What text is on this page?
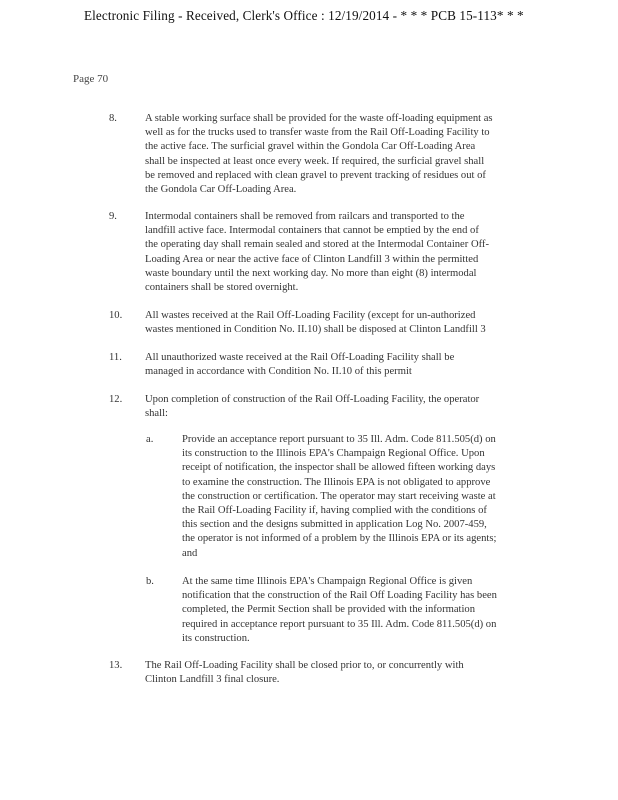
Electronic Filing - Received, Clerk's Office : 12/19/2014 - * * * PCB 15-113* * *
Page 70
8.	A stable working surface shall be provided for the waste off-loading equipment as
well as for the trucks used to transfer waste from the Rail Off-Loading Facility to
the active face. The surficial gravel within the Gondola Car Off-Loading Area
shall be inspected at least once every week. If required, the surficial gravel shall
be removed and replaced with clean gravel to prevent tracking of residues out of
the Gondola Car Off-Loading Area.
9.	Intermodal containers shall be removed from railcars and transported to the
landfill active face. Intermodal containers that cannot be emptied by the end of
the operating day shall remain sealed and stored at the Intermodal Container Off-
Loading Area or near the active face of Clinton Landfill 3 within the permitted
waste boundary until the next working day. No more than eight (8) intermodal
containers shall be stored overnight.
10. All wastes received at the Rail Off-Loading Facility (except for un-authorized
wastes mentioned in Condition No. II.10) shall be disposed at Clinton Landfill 3
11. All unauthorized waste received at the Rail Off-Loading Facility shall be
managed in accordance with Condition No. II.10 of this permit
12. Upon completion of construction of the Rail Off-Loading Facility, the operator
shall:
a.	Provide an acceptance report pursuant to 35 Ill. Adm. Code 811.505(d) on
its construction to the Illinois EPA's Champaign Regional Office. Upon
receipt of notification, the inspector shall be allowed fifteen working days
to examine the construction. The Illinois EPA is not obligated to approve
the construction or certification. The operator may start receiving waste at
the Rail Off-Loading Facility if, having complied with the conditions of
this section and the designs submitted in application Log No. 2007-459,
the operator is not informed of a problem by the Illinois EPA or its agents;
and
b.	At the same time Illinois EPA's Champaign Regional Office is given
notification that the construction of the Rail Off Loading Facility has been
completed, the Permit Section shall be provided with the information
required in acceptance report pursuant to 35 Ill. Adm. Code 811.505(d) on
its construction.
13. The Rail Off-Loading Facility shall be closed prior to, or concurrently with
Clinton Landfill 3 final closure.
